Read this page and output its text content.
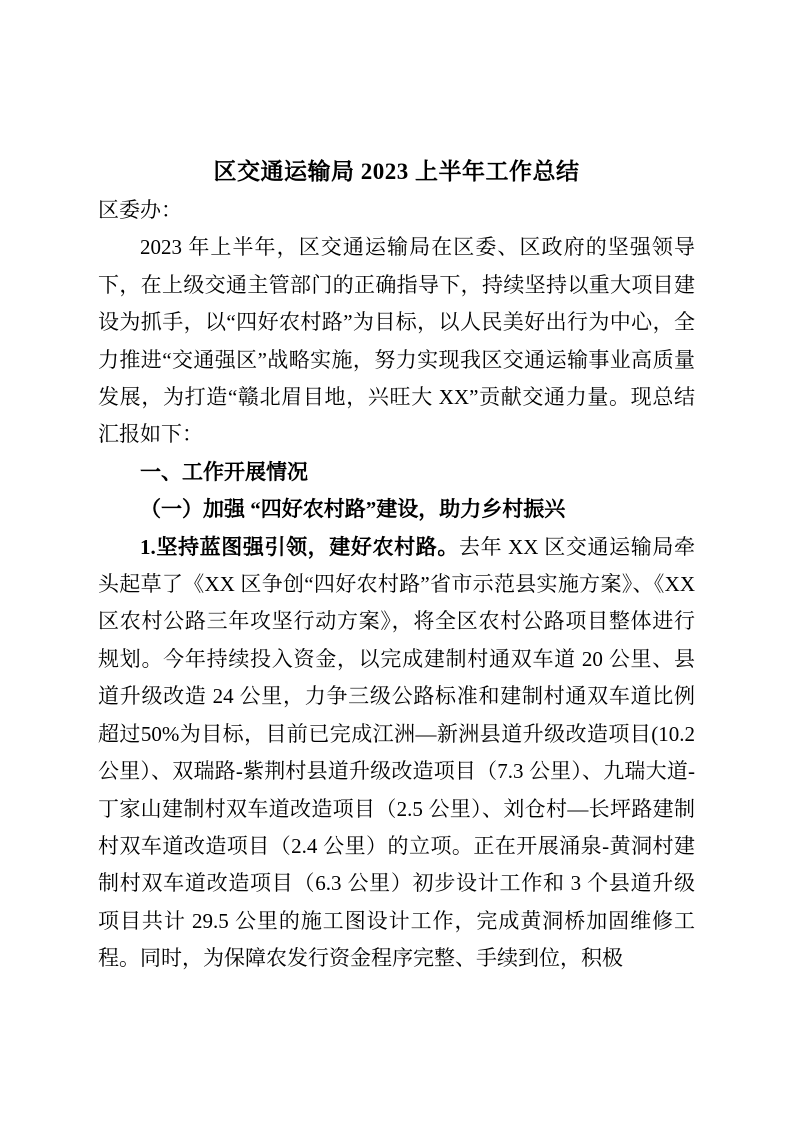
区交通运输局 2023 上半年工作总结

区委办：

2023 年上半年，区交通运输局在区委、区政府的坚强领导下，在上级交通主管部门的正确指导下，持续坚持以重大项目建设为抓手，以“四好农村路”为目标，以人民美好出行为中心，全力推进“交通强区”战略实施，努力实现我区交通运输事业高质量发展，为打造“赣北眉目地，兴旺大 XX”贡献交通力量。现总结汇报如下：

一、工作开展情况

（一）加强 “四好农村路”建设，助力乡村振兴

1.坚持蓝图强引领，建好农村路。去年 XX 区交通运输局牵头起草了《XX 区争创“四好农村路”省市示范县实施方案》、《XX 区农村公路三年攻坚行动方案》，将全区农村公路项目整体进行规划。今年持续投入资金，以完成建制村通双车道 20 公里、县道升级改造 24 公里，力争三级公路标准和建制村通双车道比例超过50%为目标，目前已完成江洲—新洲县道升级改造项目(10.2 公里）、双瑞路-紫荆村县道升级改造项目（7.3 公里）、九瑞大道-丁家山建制村双车道改造项目（2.5 公里）、刘仓村—长坪路建制村双车道改造项目（2.4 公里）的立项。正在开展涌泉-黄洞村建制村双车道改造项目（6.3 公里）初步设计工作和 3 个县道升级项目共计 29.5 公里的施工图设计工作，完成黄洞桥加固维修工程。同时，为保障农发行资金程序完整、手续到位，积极
